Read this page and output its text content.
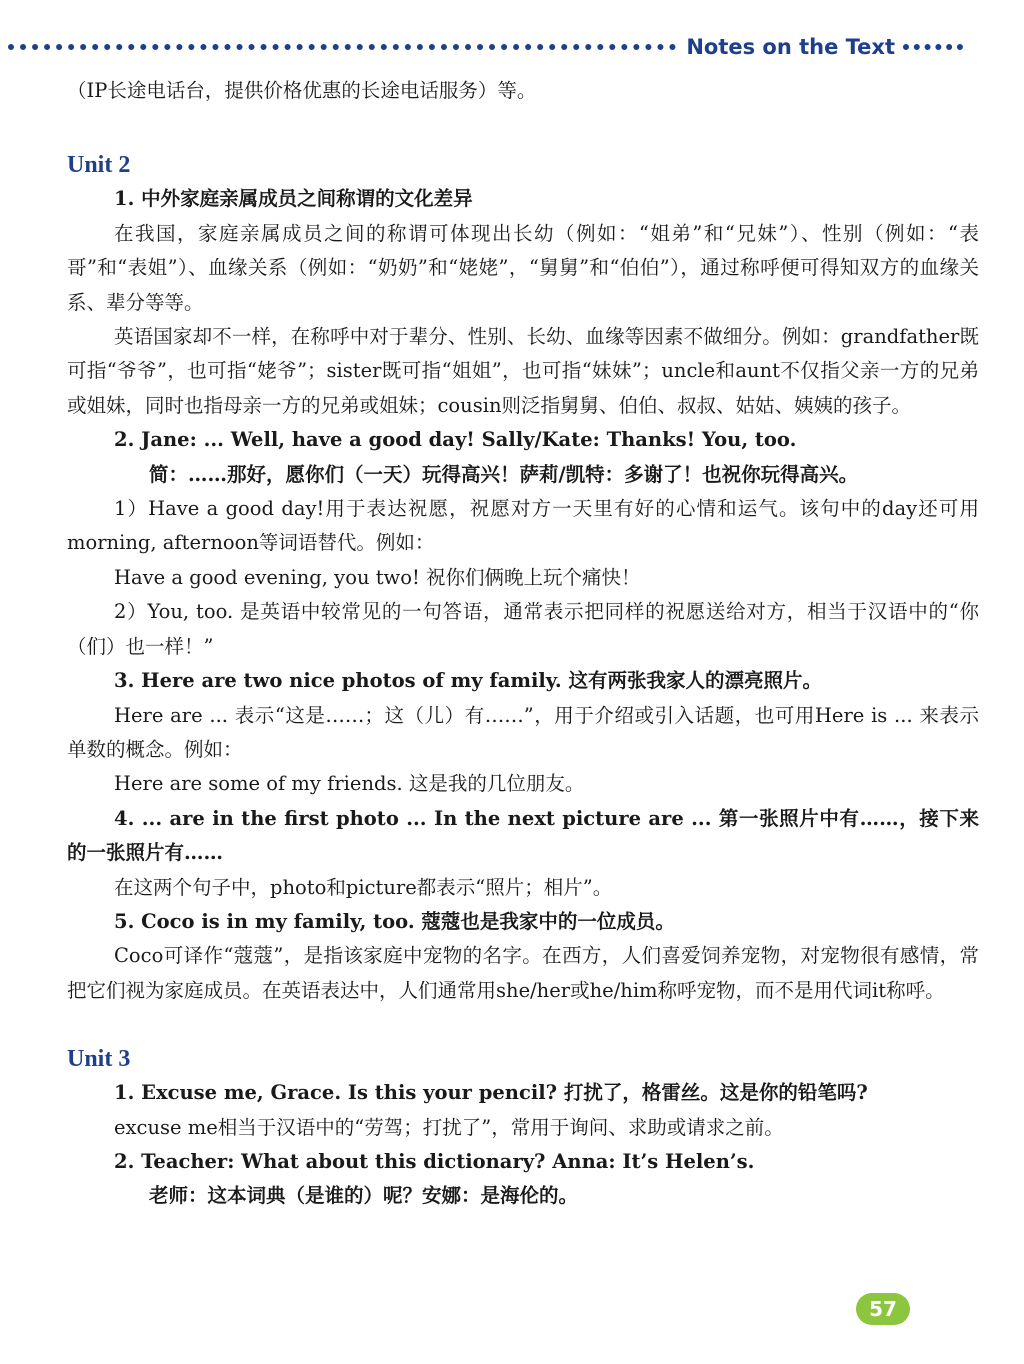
Notes on the Text

（IP长途电话台，提供价格优惠的长途电话服务）等。

Unit 2

1. 中外家庭亲属成员之间称谓的文化差异

在我国，家庭亲属成员之间的称谓可体现出长幼（例如：“姐弟”和“兄妹”）、性别（例如：“表哥”和“表姐”）、血缘关系（例如：“奶奶”和“姥姥”，“舅舅”和“伯伯”），通过称呼便可得知双方的血缘关系、辈分等等。

英语国家却不一样，在称呼中对于辈分、性别、长幼、血缘等因素不做细分。例如：grandfather既可指“爷爷”，也可指“姥爷”；sister既可指“姐姐”，也可指“妹妹”；uncle和aunt不仅指父亲一方的兄弟或姐妹，同时也指母亲一方的兄弟或姐妹；cousin则泛指舅舅、伯伯、叔叔、姑姑、姨姨的孩子。

2. Jane: ... Well, have a good day! Sally/Kate: Thanks! You, too.

简：……那好，愿你们（一天）玩得高兴！萨莉/凯特：多谢了！也祝你玩得高兴。

1）Have a good day!用于表达祝愿，祝愿对方一天里有好的心情和运气。该句中的day还可用morning, afternoon等词语替代。例如：

Have a good evening, you two! 祝你们俩晚上玩个痛快！

2）You, too. 是英语中较常见的一句答语，通常表示把同样的祝愿送给对方，相当于汉语中的“你（们）也一样！”

3. Here are two nice photos of my family. 这有两张我家人的漂亮照片。

Here are ... 表示“这是……；这（儿）有……”，用于介绍或引入话题，也可用Here is ... 来表示单数的概念。例如：

Here are some of my friends. 这是我的几位朋友。

4. ... are in the first photo ... In the next picture are ... 第一张照片中有……，接下来的一张照片有……

在这两个句子中，photo和picture都表示“照片；相片”。

5. Coco is in my family, too. 蔻蔻也是我家中的一位成员。

Coco可译作“蔻蔻”，是指该家庭中宠物的名字。在西方，人们喜爱饲养宠物，对宠物很有感情，常把它们视为家庭成员。在英语表达中，人们通常用she/her或he/him称呼宠物，而不是用代词it称呼。

Unit 3

1. Excuse me, Grace. Is this your pencil? 打扰了，格雷丝。这是你的铅笔吗?

excuse me相当于汉语中的“劳驾；打扰了”，常用于询问、求助或请求之前。

2. Teacher: What about this dictionary? Anna: It’s Helen’s.

老师：这本词典（是谁的）呢？安娜：是海伦的。

57
